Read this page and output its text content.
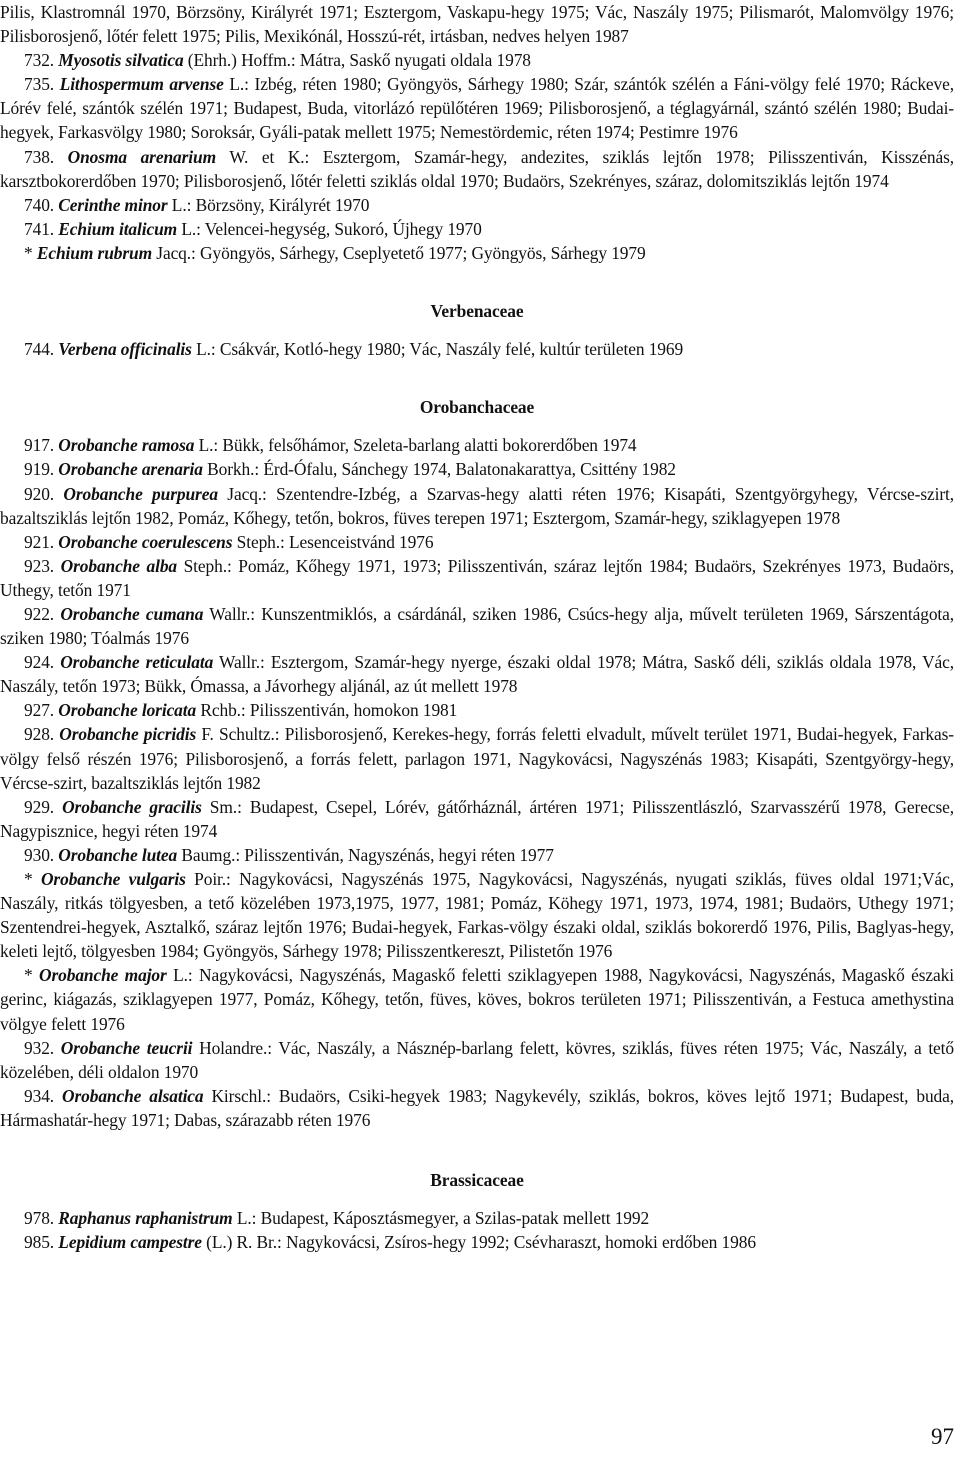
Pilis, Klastromnál 1970, Börzsöny, Királyrét 1971; Esztergom, Vaskapu-hegy 1975; Vác, Naszály 1975; Pilismarót, Malomvölgy 1976; Pilisborosjenő, lőtér felett 1975; Pilis, Mexikónál, Hosszú-rét, irtásban, nedves helyen 1987

732. Myosotis silvatica (Ehrh.) Hoffm.: Mátra, Saskő nyugati oldala 1978

735. Lithospermum arvense L.: Izbég, réten 1980; Gyöngyös, Sárhegy 1980; Szár, szántók szélén a Fáni-völgy felé 1970; Ráckeve, Lórév felé, szántók szélén 1971; Budapest, Buda, vitorlázó repülőtéren 1969; Pilisborosjenő, a téglagyárnál, szántó szélén 1980; Budai-hegyek, Farkasvölgy 1980; Soroksár, Gyáli-patak mellett 1975; Nemestördemic, réten 1974; Pestimre 1976

738. Onosma arenarium W. et K.: Esztergom, Szamár-hegy, andezites, sziklás lejtőn 1978; Pilisszentiván, Kisszénás, karsztbokorerdőben 1970; Pilisborosjenő, lőtér feletti sziklás oldal 1970; Budaörs, Szekrényes, száraz, dolomitsziklás lejtőn 1974

740. Cerinthe minor L.: Börzsöny, Királyrét 1970

741. Echium italicum L.: Velencei-hegység, Sukoró, Újhegy 1970

* Echium rubrum Jacq.: Gyöngyös, Sárhegy, Cseplyetető 1977; Gyöngyös, Sárhegy 1979

Verbenaceae

744. Verbena officinalis L.: Csákvár, Kotló-hegy 1980; Vác, Naszály felé, kultúr területen 1969

Orobanchaceae

917. Orobanche ramosa L.: Bükk, felsőhámor, Szeleta-barlang alatti bokorerdőben 1974

919. Orobanche arenaria Borkh.: Érd-Ófalu, Sánchegy 1974, Balatonakarattya, Csittény 1982

920. Orobanche purpurea Jacq.: Szentendre-Izbég, a Szarvas-hegy alatti réten 1976; Kisapáti, Szentgyörgyhegy, Vércse-szirt, bazaltsziklás lejtőn 1982, Pomáz, Kőhegy, tetőn, bokros, füves terepen 1971; Esztergom, Szamár-hegy, sziklagyepen 1978

921. Orobanche coerulescens Steph.: Lesenceistvánd 1976

923. Orobanche alba Steph.: Pomáz, Kőhegy 1971, 1973; Pilisszentiván, száraz lejtőn 1984; Budaörs, Szekrényes 1973, Budaörs, Uthegy, tetőn 1971

922. Orobanche cumana Wallr.: Kunszentmiklós, a csárdánál, sziken 1986, Csúcs-hegy alja, művelt területen 1969, Sárszentágota, sziken 1980; Tóalmás 1976

924. Orobanche reticulata Wallr.: Esztergom, Szamár-hegy nyerge, északi oldal 1978; Mátra, Saskő déli, sziklás oldala 1978, Vác, Naszály, tetőn 1973; Bükk, Ómassa, a Jávorhegy aljánál, az út mellett 1978

927. Orobanche loricata Rchb.: Pilisszentiván, homokon 1981

928. Orobanche picridis F. Schultz.: Pilisborosjenő, Kerekes-hegy, forrás feletti elvadult, művelt terület 1971, Budai-hegyek, Farkas-völgy felső részén 1976; Pilisborosjenő, a forrás felett, parlagon 1971, Nagykovácsi, Nagyszénás 1983; Kisapáti, Szentgyörgy-hegy, Vércse-szirt, bazaltsziklás lejtőn 1982

929. Orobanche gracilis Sm.: Budapest, Csepel, Lórév, gátőrháznál, ártéren 1971; Pilisszentlászló, Szarvasszérű 1978, Gerecse, Nagypisznice, hegyi réten 1974

930. Orobanche lutea Baumg.: Pilisszentiván, Nagyszénás, hegyi réten 1977

* Orobanche vulgaris Poir.: Nagykovácsi, Nagyszénás 1975, Nagykovácsi, Nagyszénás, nyugati sziklás, füves oldal 1971;Vác, Naszály, ritkás tölgyesben, a tető közelében 1973,1975, 1977, 1981; Pomáz, Köhegy 1971, 1973, 1974, 1981; Budaörs, Uthegy 1971; Szentendrei-hegyek, Asztalkő, száraz lejtőn 1976; Budai-hegyek, Farkas-völgy északi oldal, sziklás bokorerdő 1976, Pilis, Baglyas-hegy, keleti lejtő, tölgyesben 1984; Gyöngyös, Sárhegy 1978; Pilisszentkereszt, Pilistetőn 1976

* Orobanche major L.: Nagykovácsi, Nagyszénás, Magaskő feletti sziklagyepen 1988, Nagykovácsi, Nagyszénás, Magaskő északi gerinc, kiágazás, sziklagyepen 1977, Pomáz, Kőhegy, tetőn, füves, köves, bokros területen 1971; Pilisszentiván, a Festuca amethystina völgye felett 1976

932. Orobanche teucrii Holandre.: Vác, Naszály, a Násznép-barlang felett, kövres, sziklás, füves réten 1975; Vác, Naszály, a tető közelében, déli oldalon 1970

934. Orobanche alsatica Kirschl.: Budaörs, Csiki-hegyek 1983; Nagykevély, sziklás, bokros, köves lejtő 1971; Budapest, buda, Hármashatár-hegy 1971; Dabas, szárazabb réten 1976

Brassicaceae

978. Raphanus raphanistrum L.: Budapest, Káposztásmegyer, a Szilas-patak mellett 1992

985. Lepidium campestre (L.) R. Br.: Nagykovácsi, Zsíros-hegy 1992; Csévharaszt, homoki erdőben 1986

97
